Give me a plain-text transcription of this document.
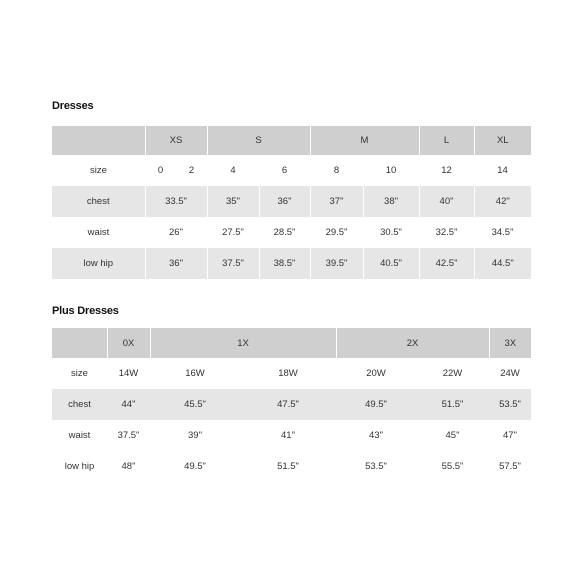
Dresses
	XS	S		M		L	XL
size	0 2	4	6	8	10	12	14
chest	33.5"	35"	36"	37"	38"	40"	42"
waist	26"	27.5"	28.5"	29.5"	30.5"	32.5"	34.5"
low hip	36"	37.5"	38.5"	39.5"	40.5"	42.5"	44.5"
Plus Dresses
	0X	1X		2X		3X
size	14W	16W	18W	20W	22W	24W
chest	44"	45.5"	47.5"	49.5"	51.5"	53.5"
waist	37.5"	39"	41"	43"	45"	47"
low hip	48"	49.5"	51.5"	53.5"	55.5"	57.5"
